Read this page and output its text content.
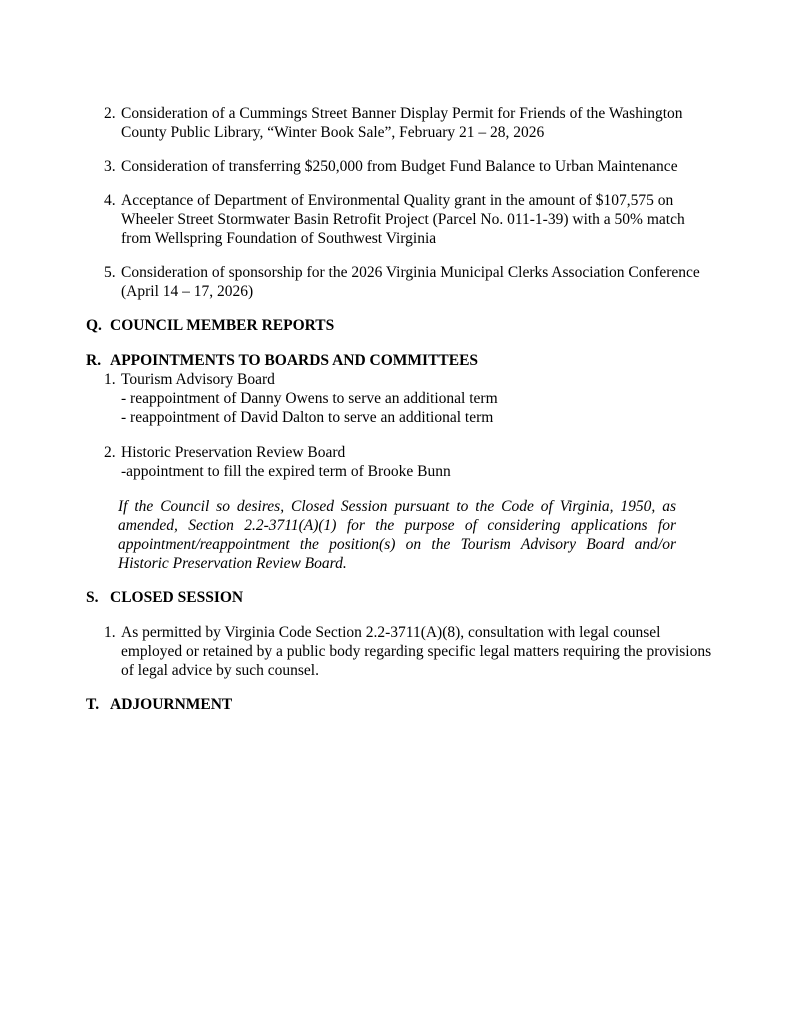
2. Consideration of a Cummings Street Banner Display Permit for Friends of the Washington County Public Library, “Winter Book Sale”, February 21 – 28, 2026
3. Consideration of transferring $250,000 from Budget Fund Balance to Urban Maintenance
4. Acceptance of Department of Environmental Quality grant in the amount of $107,575 on Wheeler Street Stormwater Basin Retrofit Project (Parcel No. 011-1-39) with a 50% match from Wellspring Foundation of Southwest Virginia
5. Consideration of sponsorship for the 2026 Virginia Municipal Clerks Association Conference (April 14 – 17, 2026)
Q. COUNCIL MEMBER REPORTS
R. APPOINTMENTS TO BOARDS AND COMMITTEES
1. Tourism Advisory Board
- reappointment of Danny Owens to serve an additional term
- reappointment of David Dalton to serve an additional term
2. Historic Preservation Review Board
-appointment to fill the expired term of Brooke Bunn
If the Council so desires, Closed Session pursuant to the Code of Virginia, 1950, as amended, Section 2.2-3711(A)(1) for the purpose of considering applications for appointment/reappointment the position(s) on the Tourism Advisory Board and/or Historic Preservation Review Board.
S. CLOSED SESSION
1. As permitted by Virginia Code Section 2.2-3711(A)(8), consultation with legal counsel employed or retained by a public body regarding specific legal matters requiring the provisions of legal advice by such counsel.
T. ADJOURNMENT
